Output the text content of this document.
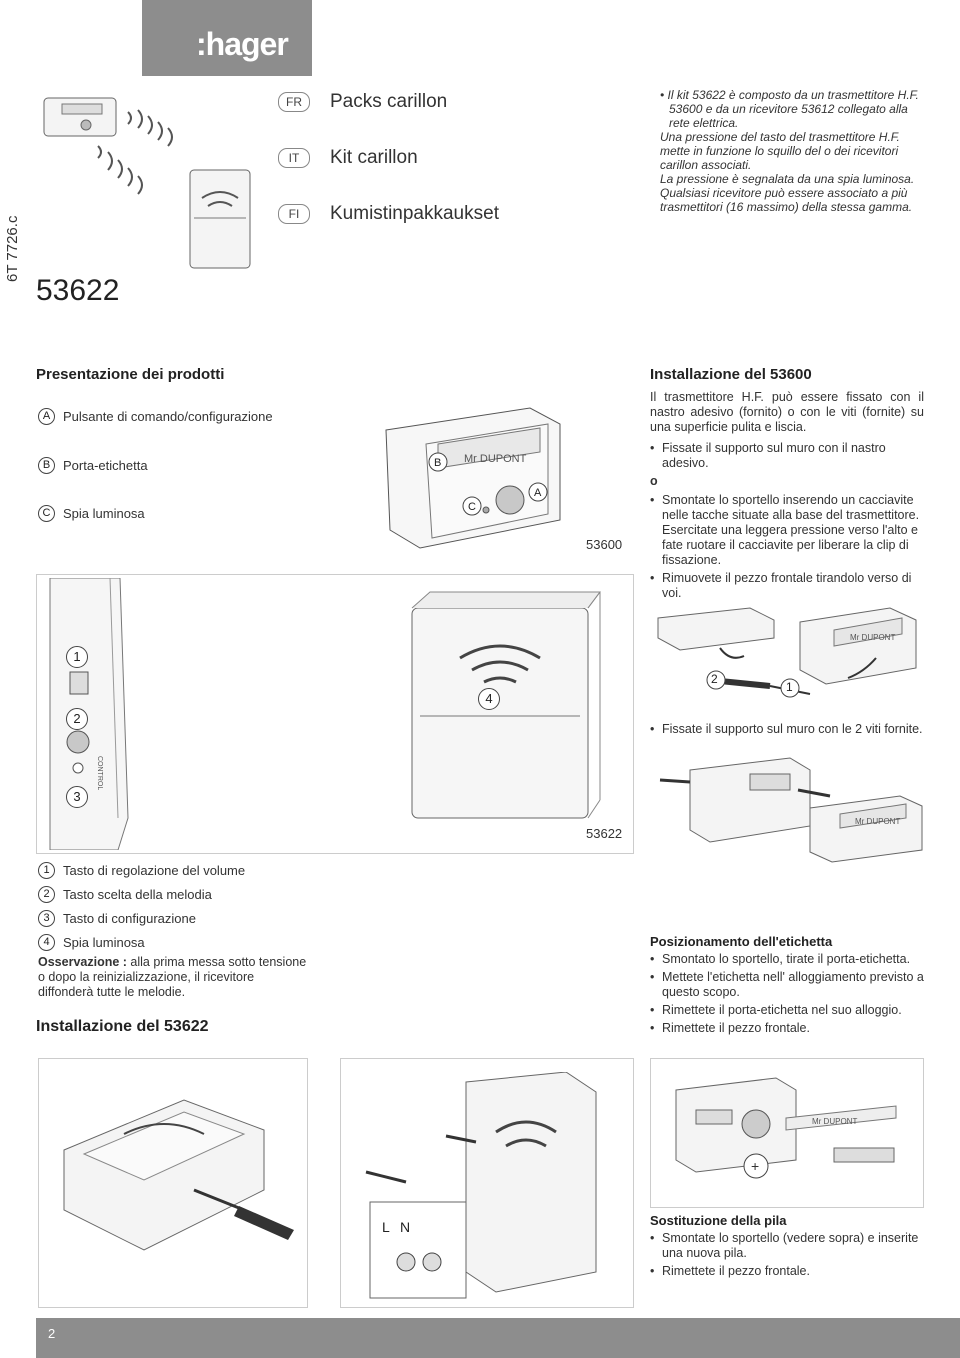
:hager
6T 7726.c
53622
FR	Packs carillon
IT	Kit carillon
FI	Kumistinpakkaukset

• Il kit 53622 è composto da un trasmettitore H.F. 53600 e da un ricevitore 53612 collegato alla rete elettrica.

Una pressione del tasto del trasmettitore H.F. mette in funzione lo squillo del o dei ricevitori carillon associati.

La pressione è segnalata da una spia luminosa.

Qualsiasi ricevitore può essere associato a più trasmettitori (16 massimo) della stessa gamma.

Presentazione dei prodotti
A Pulsante di comando/configurazione
B Porta-etichetta
C Spia luminosa
Mr DUPONT
B
C
A
53600
Installazione del 53600
Il trasmettitore H.F. può essere fissato con il nastro adesivo (fornito) o con le viti (fornite) su una superficie pulita e liscia.
• Fissate il supporto sul muro con il nastro adesivo.
o
• Smontate lo sportello inserendo un cacciavite nelle tacche situate alla base del trasmettitore. Esercitate una leggera pressione verso l'alto e fate ruotare il cacciavite per liberare la clip di fissazione.
• Rimuovete il pezzo frontale tirandolo verso di voi.
CONTROL
1
2
3
4
53622
Mr DUPONT
2
1
• Fissate il supporto sul muro con le 2 viti fornite.
Mr DUPONT
1	Tasto di regolazione del volume
2	Tasto scelta della melodia
3	Tasto di configurazione
4	Spia luminosa
Osservazione : alla prima messa sotto tensione o dopo la reinizializzazione, il ricevitore diffonderà tutte le melodie.
Installazione del 53622
Posizionamento dell'etichetta
• Smontato lo sportello, tirate il porta-etichetta.
• Mettete l'etichetta nell' alloggiamento previsto a questo scopo.
• Rimettete il porta-etichetta nel suo alloggio.
• Rimettete il pezzo frontale.
L N
Mr DUPONT
+
Sostituzione della pila
• Smontate lo sportello (vedere sopra) e inserite una nuova pila.
• Rimettete il pezzo frontale.
2
